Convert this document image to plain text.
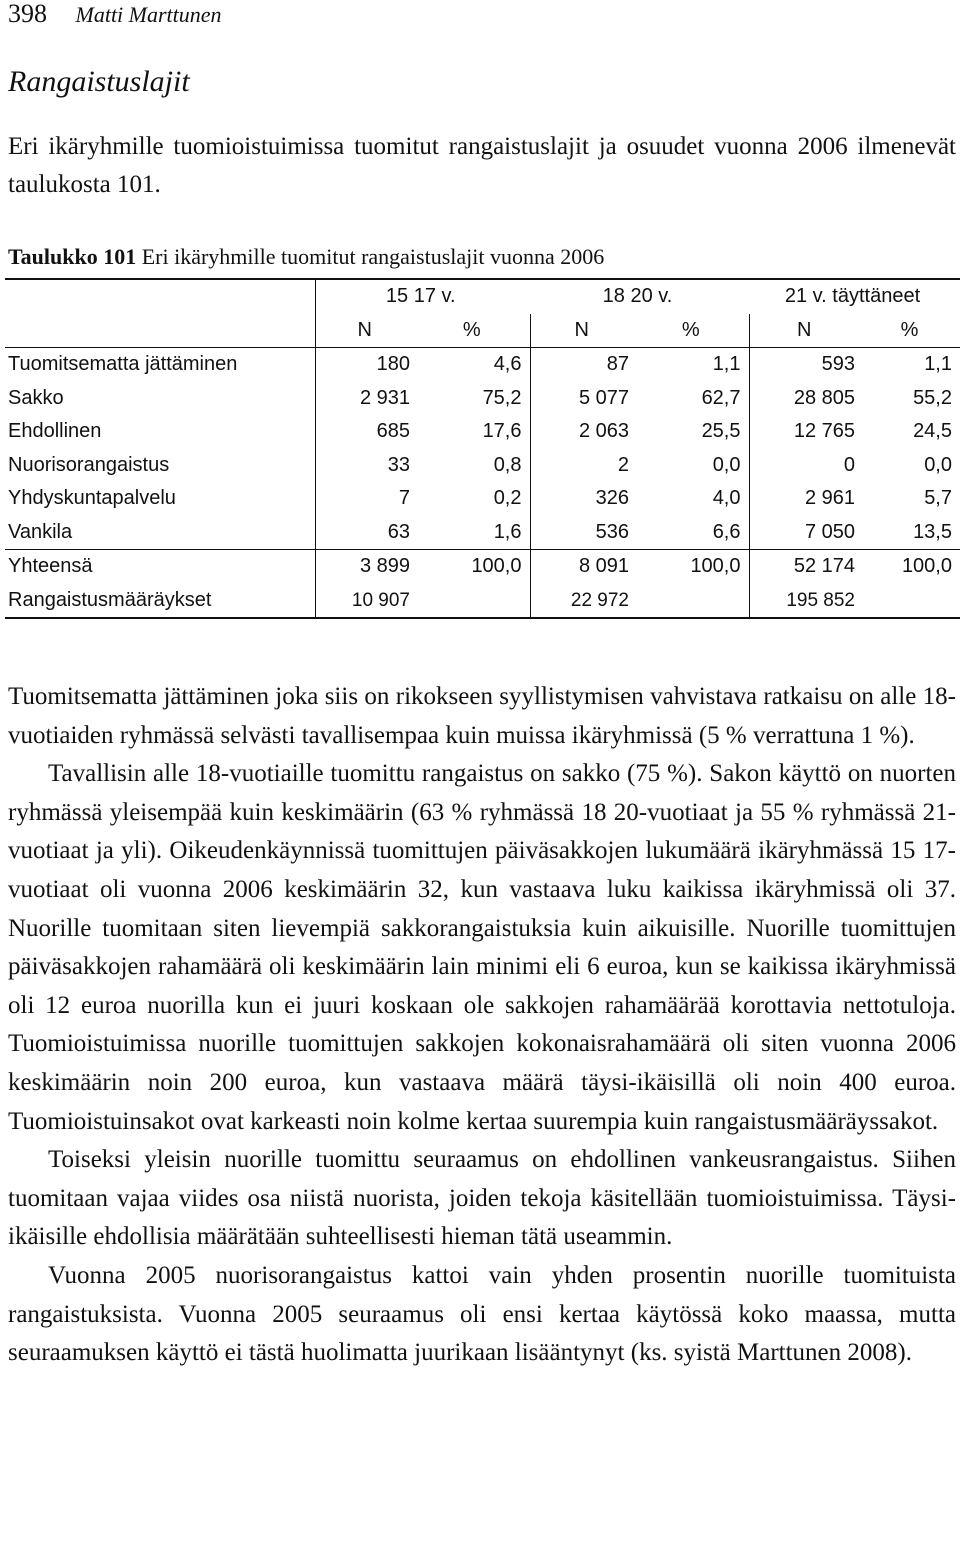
398 Matti Marttunen
Rangaistuslajit

Eri ikäryhmille tuomioistuimissa tuomitut rangaistuslajit ja osuudet vuonna 2006 ilmenevät taulukosta 101.

Taulukko 101 Eri ikäryhmille tuomitut rangaistuslajit vuonna 2006
	15 17 v.		18 20 v.		21 v. täyttäneet	
	N	%	N	%	N	%
Tuomitsematta jättäminen	180	4,6	87	1,1	593	1,1
Sakko	2 931	75,2	5 077	62,7	28 805	55,2
Ehdollinen	685	17,6	2 063	25,5	12 765	24,5
Nuorisorangaistus	33	0,8	2	0,0	0	0,0
Yhdyskuntapalvelu	7	0,2	326	4,0	2 961	5,7
Vankila	63	1,6	536	6,6	7 050	13,5
Yhteensä	3 899	100,0	8 091	100,0	52 174	100,0
Rangaistusmääräykset	10 907		22 972		195 852	

Tuomitsematta jättäminen joka siis on rikokseen syyllistymisen vahvistava ratkaisu on alle 18-vuotiaiden ryhmässä selvästi tavallisempaa kuin muissa ikäryhmissä (5 % verrattuna 1 %).

Tavallisin alle 18-vuotiaille tuomittu rangaistus on sakko (75 %). Sakon käyttö on nuorten ryhmässä yleisempää kuin keskimäärin (63 % ryhmässä 18 20-vuotiaat ja 55 % ryhmässä 21-vuotiaat ja yli). Oikeudenkäynnissä tuomittujen päiväsakkojen lukumäärä ikäryhmässä 15 17-vuotiaat oli vuonna 2006 keskimäärin 32, kun vastaava luku kaikissa ikäryhmissä oli 37. Nuorille tuomitaan siten lievempiä sakkorangaistuksia kuin aikuisille. Nuorille tuomittujen päiväsakkojen rahamäärä oli keskimäärin lain minimi eli 6 euroa, kun se kaikissa ikäryhmissä oli 12 euroa nuorilla kun ei juuri koskaan ole sakkojen rahamäärää korottavia nettotuloja. Tuomioistuimissa nuorille tuomittujen sakkojen kokonaisrahamäärä oli siten vuonna 2006 keskimäärin noin 200 euroa, kun vastaava määrä täysi-ikäisillä oli noin 400 euroa. Tuomioistuinsakot ovat karkeasti noin kolme kertaa suurempia kuin rangaistusmääräyssakot.

Toiseksi yleisin nuorille tuomittu seuraamus on ehdollinen vankeusrangaistus. Siihen tuomitaan vajaa viides osa niistä nuorista, joiden tekoja käsitellään tuomioistuimissa. Täysi-ikäisille ehdollisia määrätään suhteellisesti hieman tätä useammin.

Vuonna 2005 nuorisorangaistus kattoi vain yhden prosentin nuorille tuomituista rangaistuksista. Vuonna 2005 seuraamus oli ensi kertaa käytössä koko maassa, mutta seuraamuksen käyttö ei tästä huolimatta juurikaan lisääntynyt (ks. syistä Marttunen 2008).
